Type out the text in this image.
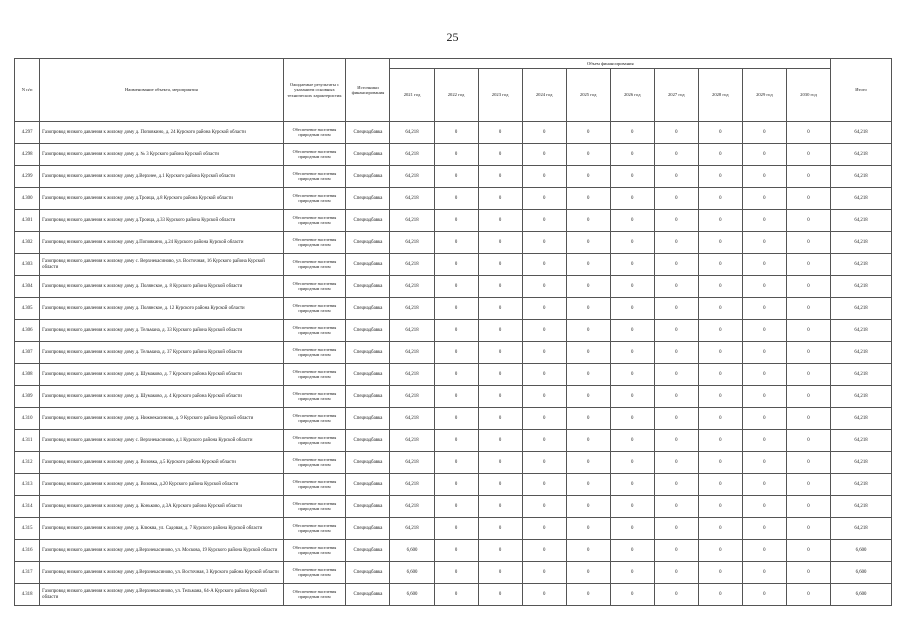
25
N п/п	Наименование объекта, мероприятия	Ожидаемые результаты с указанием основных технических характеристик	Источники финансирования	Объем финансирования										Итого
				2021 год	2022 год	2023 год	2024 год	2025 год	2026 год	2027 год	2028 год	2029 год	2030 год	
4.297	Газопровод низкого давления к жилому дому д. Поповкино, д. 24 Курского района Курской области	Обеспечение населения природным газом	Спецнадбавка	64,218	0	0	0	0	0	0	0	0	0	64,218
4.298	Газопровод низкого давления к жилому дому д. № 3 Курского района Курской области	Обеспечение населения природным газом	Спецнадбавка	64,218	0	0	0	0	0	0	0	0	0	64,218
4.299	Газопровод низкого давления к жилому дому д.Верхнее, д.1 Курского района Курской области	Обеспечение населения природным газом	Спецнадбавка	64,218	0	0	0	0	0	0	0	0	0	64,218
4.300	Газопровод низкого давления к жилому дому д.Троица, д.8 Курского района Курской области	Обеспечение населения природным газом	Спецнадбавка	64,218	0	0	0	0	0	0	0	0	0	64,218
4.301	Газопровод низкого давления к жилому дому д.Троица, д.33 Курского района Курской области	Обеспечение населения природным газом	Спецнадбавка	64,218	0	0	0	0	0	0	0	0	0	64,218
4.302	Газопровод низкого давления к жилому дому д.Поповкино, д.24 Курского района Курской области	Обеспечение населения природным газом	Спецнадбавка	64,218	0	0	0	0	0	0	0	0	0	64,218
4.303	Газопровод низкого давления к жилому дому с. Верхнекасиново, ул. Восточная, 16 Курского района Курской области	Обеспечение населения природным газом	Спецнадбавка	64,218	0	0	0	0	0	0	0	0	0	64,218
4.304	Газопровод низкого давления к жилому дому д. Полянское, д. 8 Курского района Курской области	Обеспечение населения природным газом	Спецнадбавка	64,218	0	0	0	0	0	0	0	0	0	64,218
4.305	Газопровод низкого давления к жилому дому д. Полянское, д. 12 Курского района Курской области	Обеспечение населения природным газом	Спецнадбавка	64,218	0	0	0	0	0	0	0	0	0	64,218
4.306	Газопровод низкого давления к жилому дому д. Тельмана, д. 33 Курского района Курской области	Обеспечение населения природным газом	Спецнадбавка	64,218	0	0	0	0	0	0	0	0	0	64,218
4.307	Газопровод низкого давления к жилому дому д. Тельмана, д. 37 Курского района Курской области	Обеспечение населения природным газом	Спецнадбавка	64,218	0	0	0	0	0	0	0	0	0	64,218
4.308	Газопровод низкого давления к жилому дому д. Шумаково, д. 7 Курского района Курской области	Обеспечение населения природным газом	Спецнадбавка	64,218	0	0	0	0	0	0	0	0	0	64,218
4.309	Газопровод низкого давления к жилому дому д. Шумаково, д. 4 Курского района Курской области	Обеспечение населения природным газом	Спецнадбавка	64,218	0	0	0	0	0	0	0	0	0	64,218
4.310	Газопровод низкого давления к жилому дому д. Нижнекасиново, д. 9 Курского района Курской области	Обеспечение населения природным газом	Спецнадбавка	64,218	0	0	0	0	0	0	0	0	0	64,218
4.311	Газопровод низкого давления к жилому дому с. Верхнекасиново, д.1 Курского района Курской области	Обеспечение населения природным газом	Спецнадбавка	64,218	0	0	0	0	0	0	0	0	0	64,218
4.312	Газопровод низкого давления к жилому дому д. Возовка, д.5 Курского района Курской области	Обеспечение населения природным газом	Спецнадбавка	64,218	0	0	0	0	0	0	0	0	0	64,218
4.313	Газопровод низкого давления к жилому дому д. Возовка, д.20 Курского района Курской области	Обеспечение населения природным газом	Спецнадбавка	64,218	0	0	0	0	0	0	0	0	0	64,218
4.314	Газопровод низкого давления к жилому дому д. Коньково, д.3А Курского района Курской области	Обеспечение населения природным газом	Спецнадбавка	64,218	0	0	0	0	0	0	0	0	0	64,218
4.315	Газопровод низкого давления к жилому дому д. Клюква, ул. Садовая, д. 7 Курского района Курской области	Обеспечение населения природным газом	Спецнадбавка	64,218	0	0	0	0	0	0	0	0	0	64,218
4.316	Газопровод низкого давления к жилому дому д.Верхнекасиново, ул. Москова, 19 Курского района Курской области	Обеспечение населения природным газом	Спецнадбавка	6,600	0	0	0	0	0	0	0	0	0	6,600
4.317	Газопровод низкого давления к жилому дому д.Верхнекасиново, ул. Восточная, 3 Курского района Курской области	Обеспечение населения природным газом	Спецнадбавка	6,600	0	0	0	0	0	0	0	0	0	6,600
4.318	Газопровод низкого давления к жилому дому д.Верхнекасиново, ул. Тельмана, 64-А Курского района Курской области	Обеспечение населения природным газом	Спецнадбавка	6,600	0	0	0	0	0	0	0	0	0	6,600
